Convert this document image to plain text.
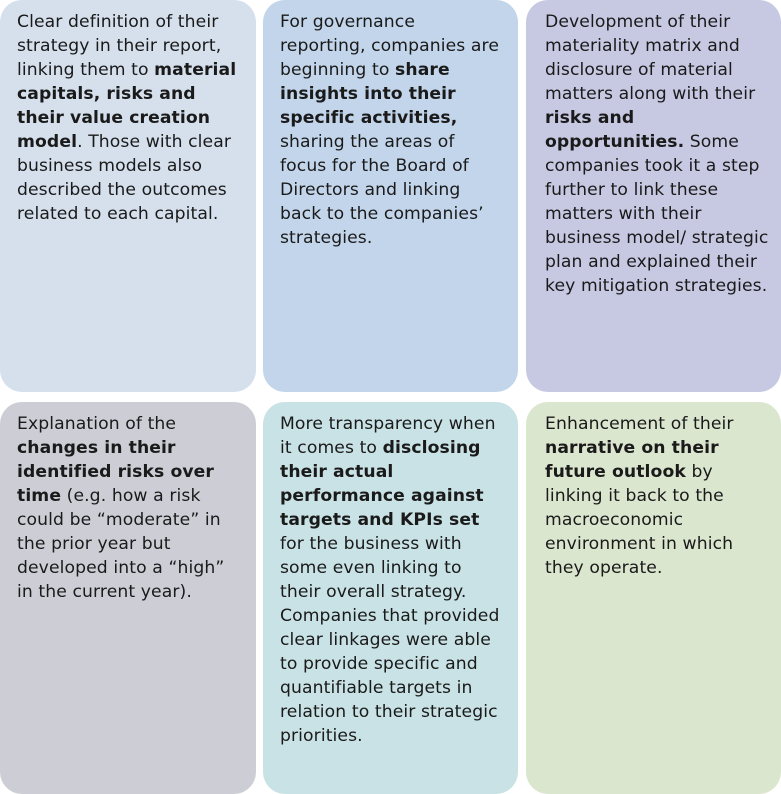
Clear definition of their strategy in their report, linking them to material capitals, risks and their value creation model. Those with clear business models also described the outcomes related to each capital.

For governance reporting, companies are beginning to share insights into their specific activities, sharing the areas of focus for the Board of Directors and linking back to the companies’ strategies.

Development of their materiality matrix and disclosure of material matters along with their risks and opportunities. Some companies took it a step further to link these matters with their business model/ strategic plan and explained their key mitigation strategies.

Explanation of the changes in their identified risks over time (e.g. how a risk could be “moderate” in the prior year but developed into a “high” in the current year).

More transparency when it comes to disclosing their actual performance against targets and KPIs set for the business with some even linking to their overall strategy. Companies that provided clear linkages were able to provide specific and quantifiable targets in relation to their strategic priorities.

Enhancement of their narrative on their future outlook by linking it back to the macroeconomic environment in which they operate.
